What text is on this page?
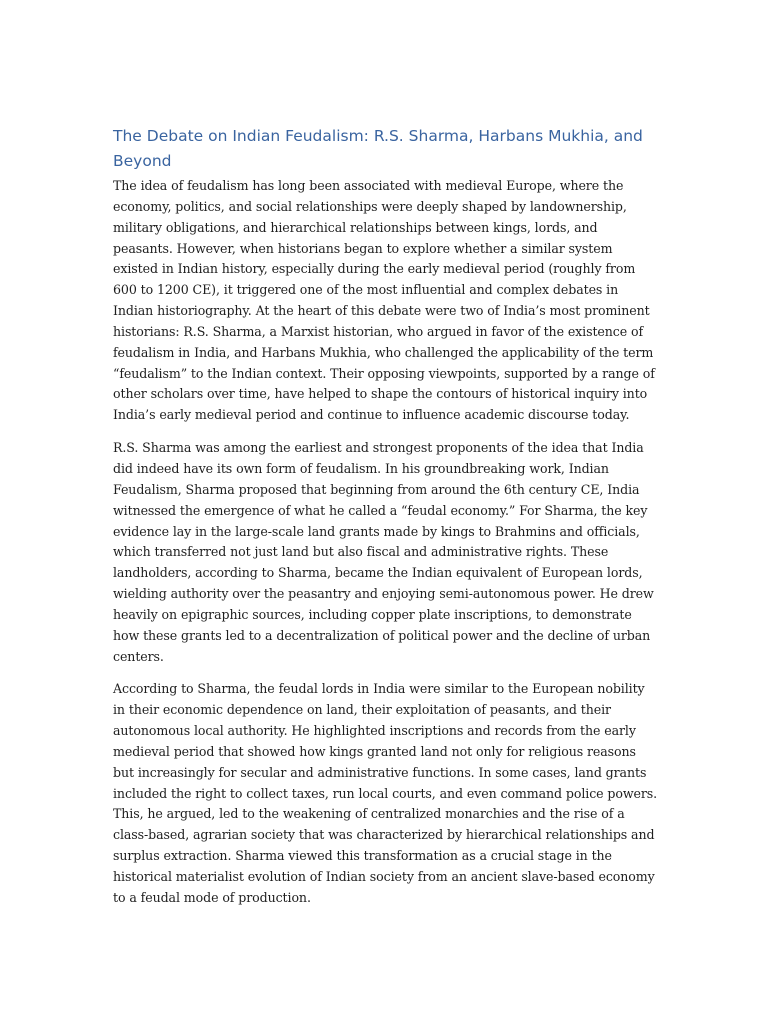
The Debate on Indian Feudalism: R.S. Sharma, Harbans Mukhia, and Beyond

The idea of feudalism has long been associated with medieval Europe, where the economy, politics, and social relationships were deeply shaped by landownership, military obligations, and hierarchical relationships between kings, lords, and peasants. However, when historians began to explore whether a similar system existed in Indian history, especially during the early medieval period (roughly from 600 to 1200 CE), it triggered one of the most influential and complex debates in Indian historiography. At the heart of this debate were two of India’s most prominent historians: R.S. Sharma, a Marxist historian, who argued in favor of the existence of feudalism in India, and Harbans Mukhia, who challenged the applicability of the term “feudalism” to the Indian context. Their opposing viewpoints, supported by a range of other scholars over time, have helped to shape the contours of historical inquiry into India’s early medieval period and continue to influence academic discourse today.

R.S. Sharma was among the earliest and strongest proponents of the idea that India did indeed have its own form of feudalism. In his groundbreaking work, Indian Feudalism, Sharma proposed that beginning from around the 6th century CE, India witnessed the emergence of what he called a “feudal economy.” For Sharma, the key evidence lay in the large-scale land grants made by kings to Brahmins and officials, which transferred not just land but also fiscal and administrative rights. These landholders, according to Sharma, became the Indian equivalent of European lords, wielding authority over the peasantry and enjoying semi-autonomous power. He drew heavily on epigraphic sources, including copper plate inscriptions, to demonstrate how these grants led to a decentralization of political power and the decline of urban centers.

According to Sharma, the feudal lords in India were similar to the European nobility in their economic dependence on land, their exploitation of peasants, and their autonomous local authority. He highlighted inscriptions and records from the early medieval period that showed how kings granted land not only for religious reasons but increasingly for secular and administrative functions. In some cases, land grants included the right to collect taxes, run local courts, and even command police powers. This, he argued, led to the weakening of centralized monarchies and the rise of a class-based, agrarian society that was characterized by hierarchical relationships and surplus extraction. Sharma viewed this transformation as a crucial stage in the historical materialist evolution of Indian society from an ancient slave-based economy to a feudal mode of production.
